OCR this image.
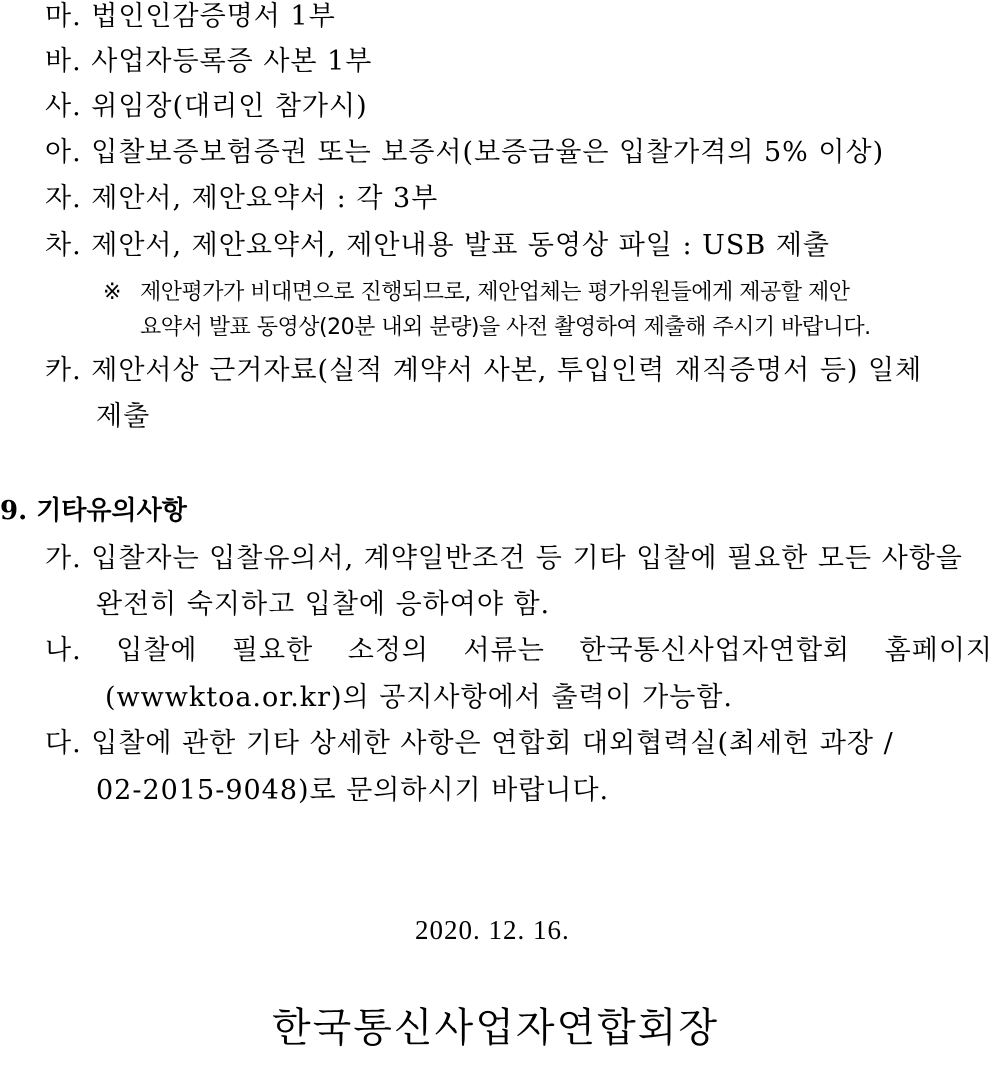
마. 법인인감증명서 1부
바. 사업자등록증 사본 1부
사. 위임장(대리인 참가시)
아. 입찰보증보험증권 또는 보증서(보증금율은 입찰가격의 5% 이상)
자. 제안서, 제안요약서 : 각 3부
차. 제안서, 제안요약서, 제안내용 발표 동영상 파일 : USB 제출
※ 제안평가가 비대면으로 진행되므로, 제안업체는 평가위원들에게 제공할 제안
요약서 발표 동영상(20분 내외 분량)을 사전 촬영하여 제출해 주시기 바랍니다.
카. 제안서상 근거자료(실적 계약서 사본, 투입인력 재직증명서 등) 일체
제출
9. 기타유의사항
가. 입찰자는 입찰유의서, 계약일반조건 등 기타 입찰에 필요한 모든 사항을
완전히 숙지하고 입찰에 응하여야 함.
나. 입찰에 필요한 소정의 서류는 한국통신사업자연합회 홈페이지
(wwwktoa.or.kr)의 공지사항에서 출력이 가능함.
다. 입찰에 관한 기타 상세한 사항은 연합회 대외협력실(최세헌 과장 /
02-2015-9048)로 문의하시기 바랍니다.
2020. 12. 16.
한국통신사업자연합회장
